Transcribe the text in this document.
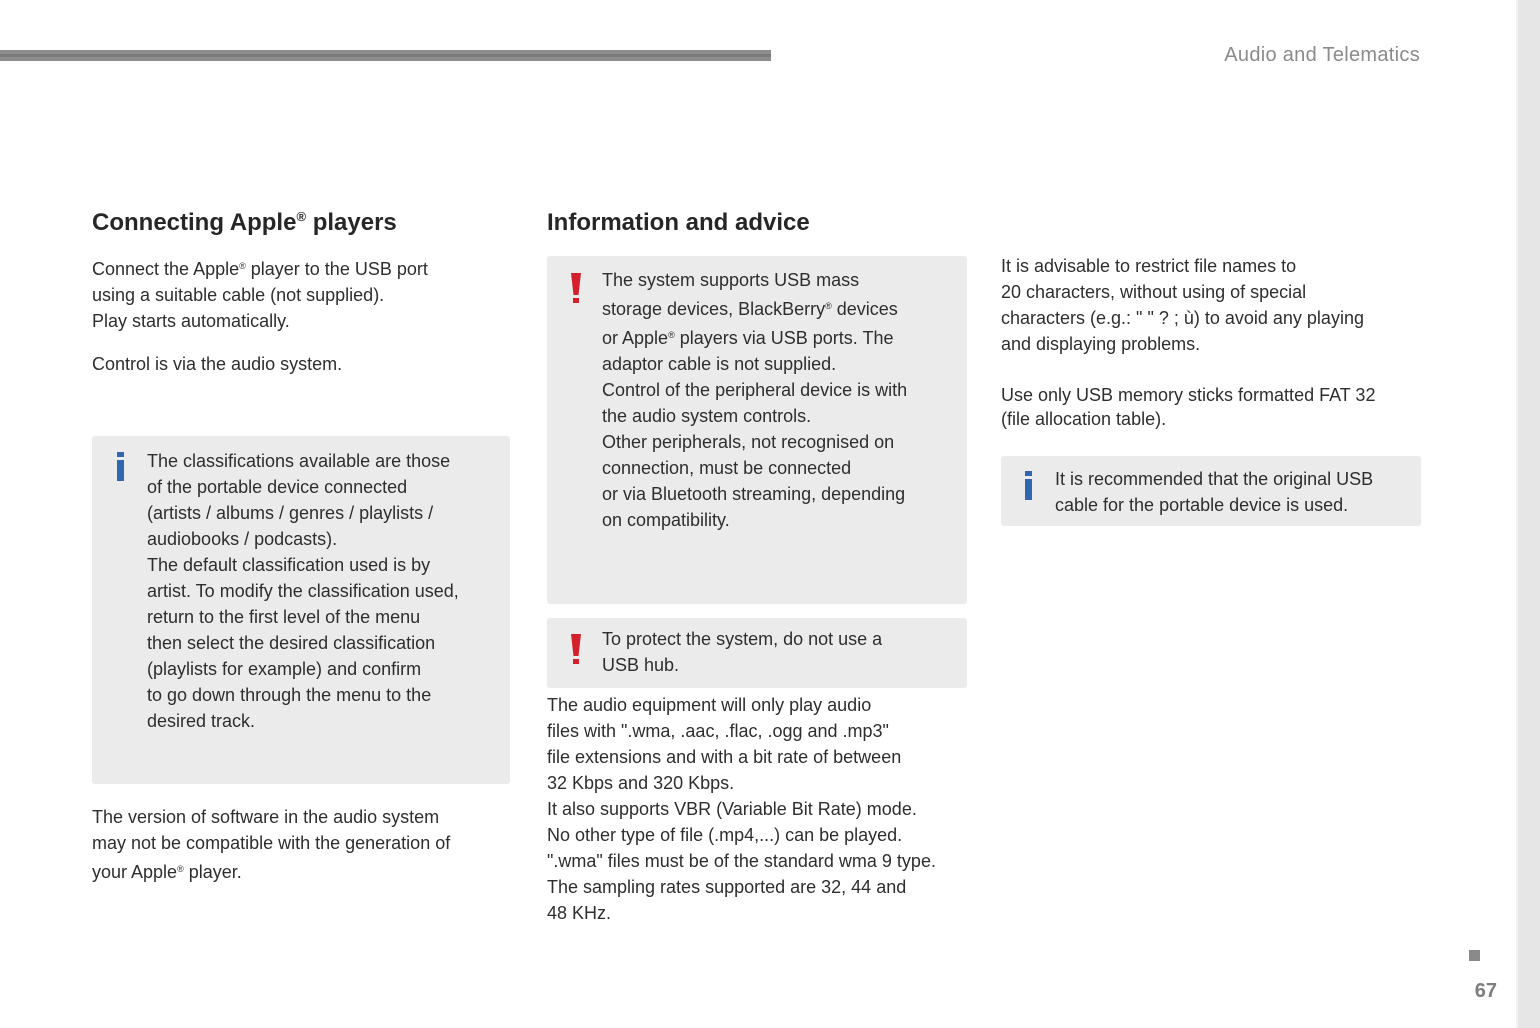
Audio and Telematics
Connecting Apple® players
Connect the Apple® player to the USB port
using a suitable cable (not supplied).
Play starts automatically.
Control is via the audio system.
The classifications available are those
of the portable device connected
(artists / albums / genres / playlists /
audiobooks / podcasts).
The default classification used is by
artist. To modify the classification used,
return to the first level of the menu
then select the desired classification
(playlists for example) and confirm
to go down through the menu to the
desired track.
The version of software in the audio system
may not be compatible with the generation of
your Apple® player.
Information and advice
The system supports USB mass
storage devices, BlackBerry® devices
or Apple® players via USB ports. The
adaptor cable is not supplied.
Control of the peripheral device is with
the audio system controls.
Other peripherals, not recognised on
connection, must be connected
or via Bluetooth streaming, depending
on compatibility.
To protect the system, do not use a
USB hub.
The audio equipment will only play audio
files with ".wma, .aac, .flac, .ogg and .mp3"
file extensions and with a bit rate of between
32 Kbps and 320 Kbps.
It also supports VBR (Variable Bit Rate) mode.
No other type of file (.mp4,...) can be played.
".wma" files must be of the standard wma 9 type.
The sampling rates supported are 32, 44 and
48 KHz.
It is advisable to restrict file names to
20 characters, without using of special
characters (e.g.: " " ? ; ù) to avoid any playing
and displaying problems.
Use only USB memory sticks formatted FAT 32
(file allocation table).
It is recommended that the original USB
cable for the portable device is used.
67
